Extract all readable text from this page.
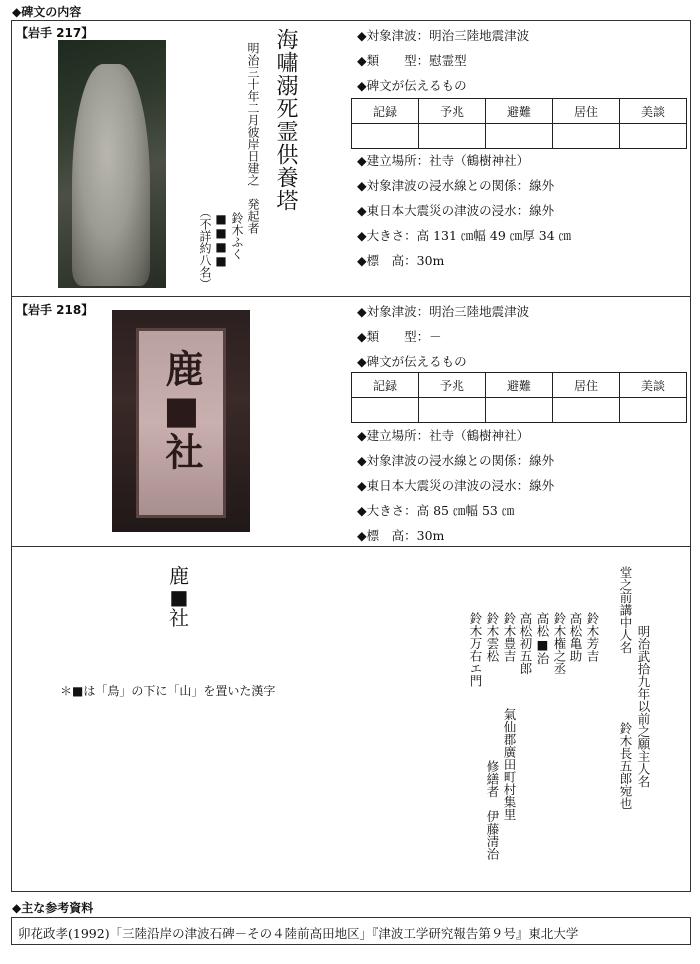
◆碑文の内容
【岩手 217】	海嘯溺死霊供養塔
明治三十年二月彼岸日建之　発起者
鈴木ふく
■■■■
（不詳約八名）
◆対象津波：明治三陸地震津波
◆類　　型：慰霊型
◆碑文が伝えるもの
記録	予兆	避難	居住	美談

◆建立場所：社寺（鶴樹神社）
◆対象津波の浸水線との関係：線外
◆東日本大震災の津波の浸水：線外
◆大きさ：高 131 ㎝幅 49 ㎝厚 34 ㎝
◆標　高：30m
【岩手 218】
鹿■社
◆対象津波：明治三陸地震津波
◆類　　型：－
◆碑文が伝えるもの
記録	予兆	避難	居住	美談

◆建立場所：社寺（鶴樹神社）
◆対象津波の浸水線との関係：線外
◆東日本大震災の津波の浸水：線外
◆大きさ：高 85 ㎝幅 53 ㎝
◆標　高：30m
鹿
■
社
＊■は「鳥」の下に「山」を置いた漢字
堂之前講中人名
明治武拾九年以前之願主人名
鈴木長五郎宛也
鈴木芳吉
高松亀助
鈴木権之丞
高松■治
高松初五郎
鈴木豊吉
鈴木雲松
鈴木万右エ門
氣仙郡廣田町村集里
修繕者　伊藤清治
◆主な参考資料
卯花政孝(1992)「三陸沿岸の津波石碑－その４陸前高田地区」『津波工学研究報告第９号』東北大学
